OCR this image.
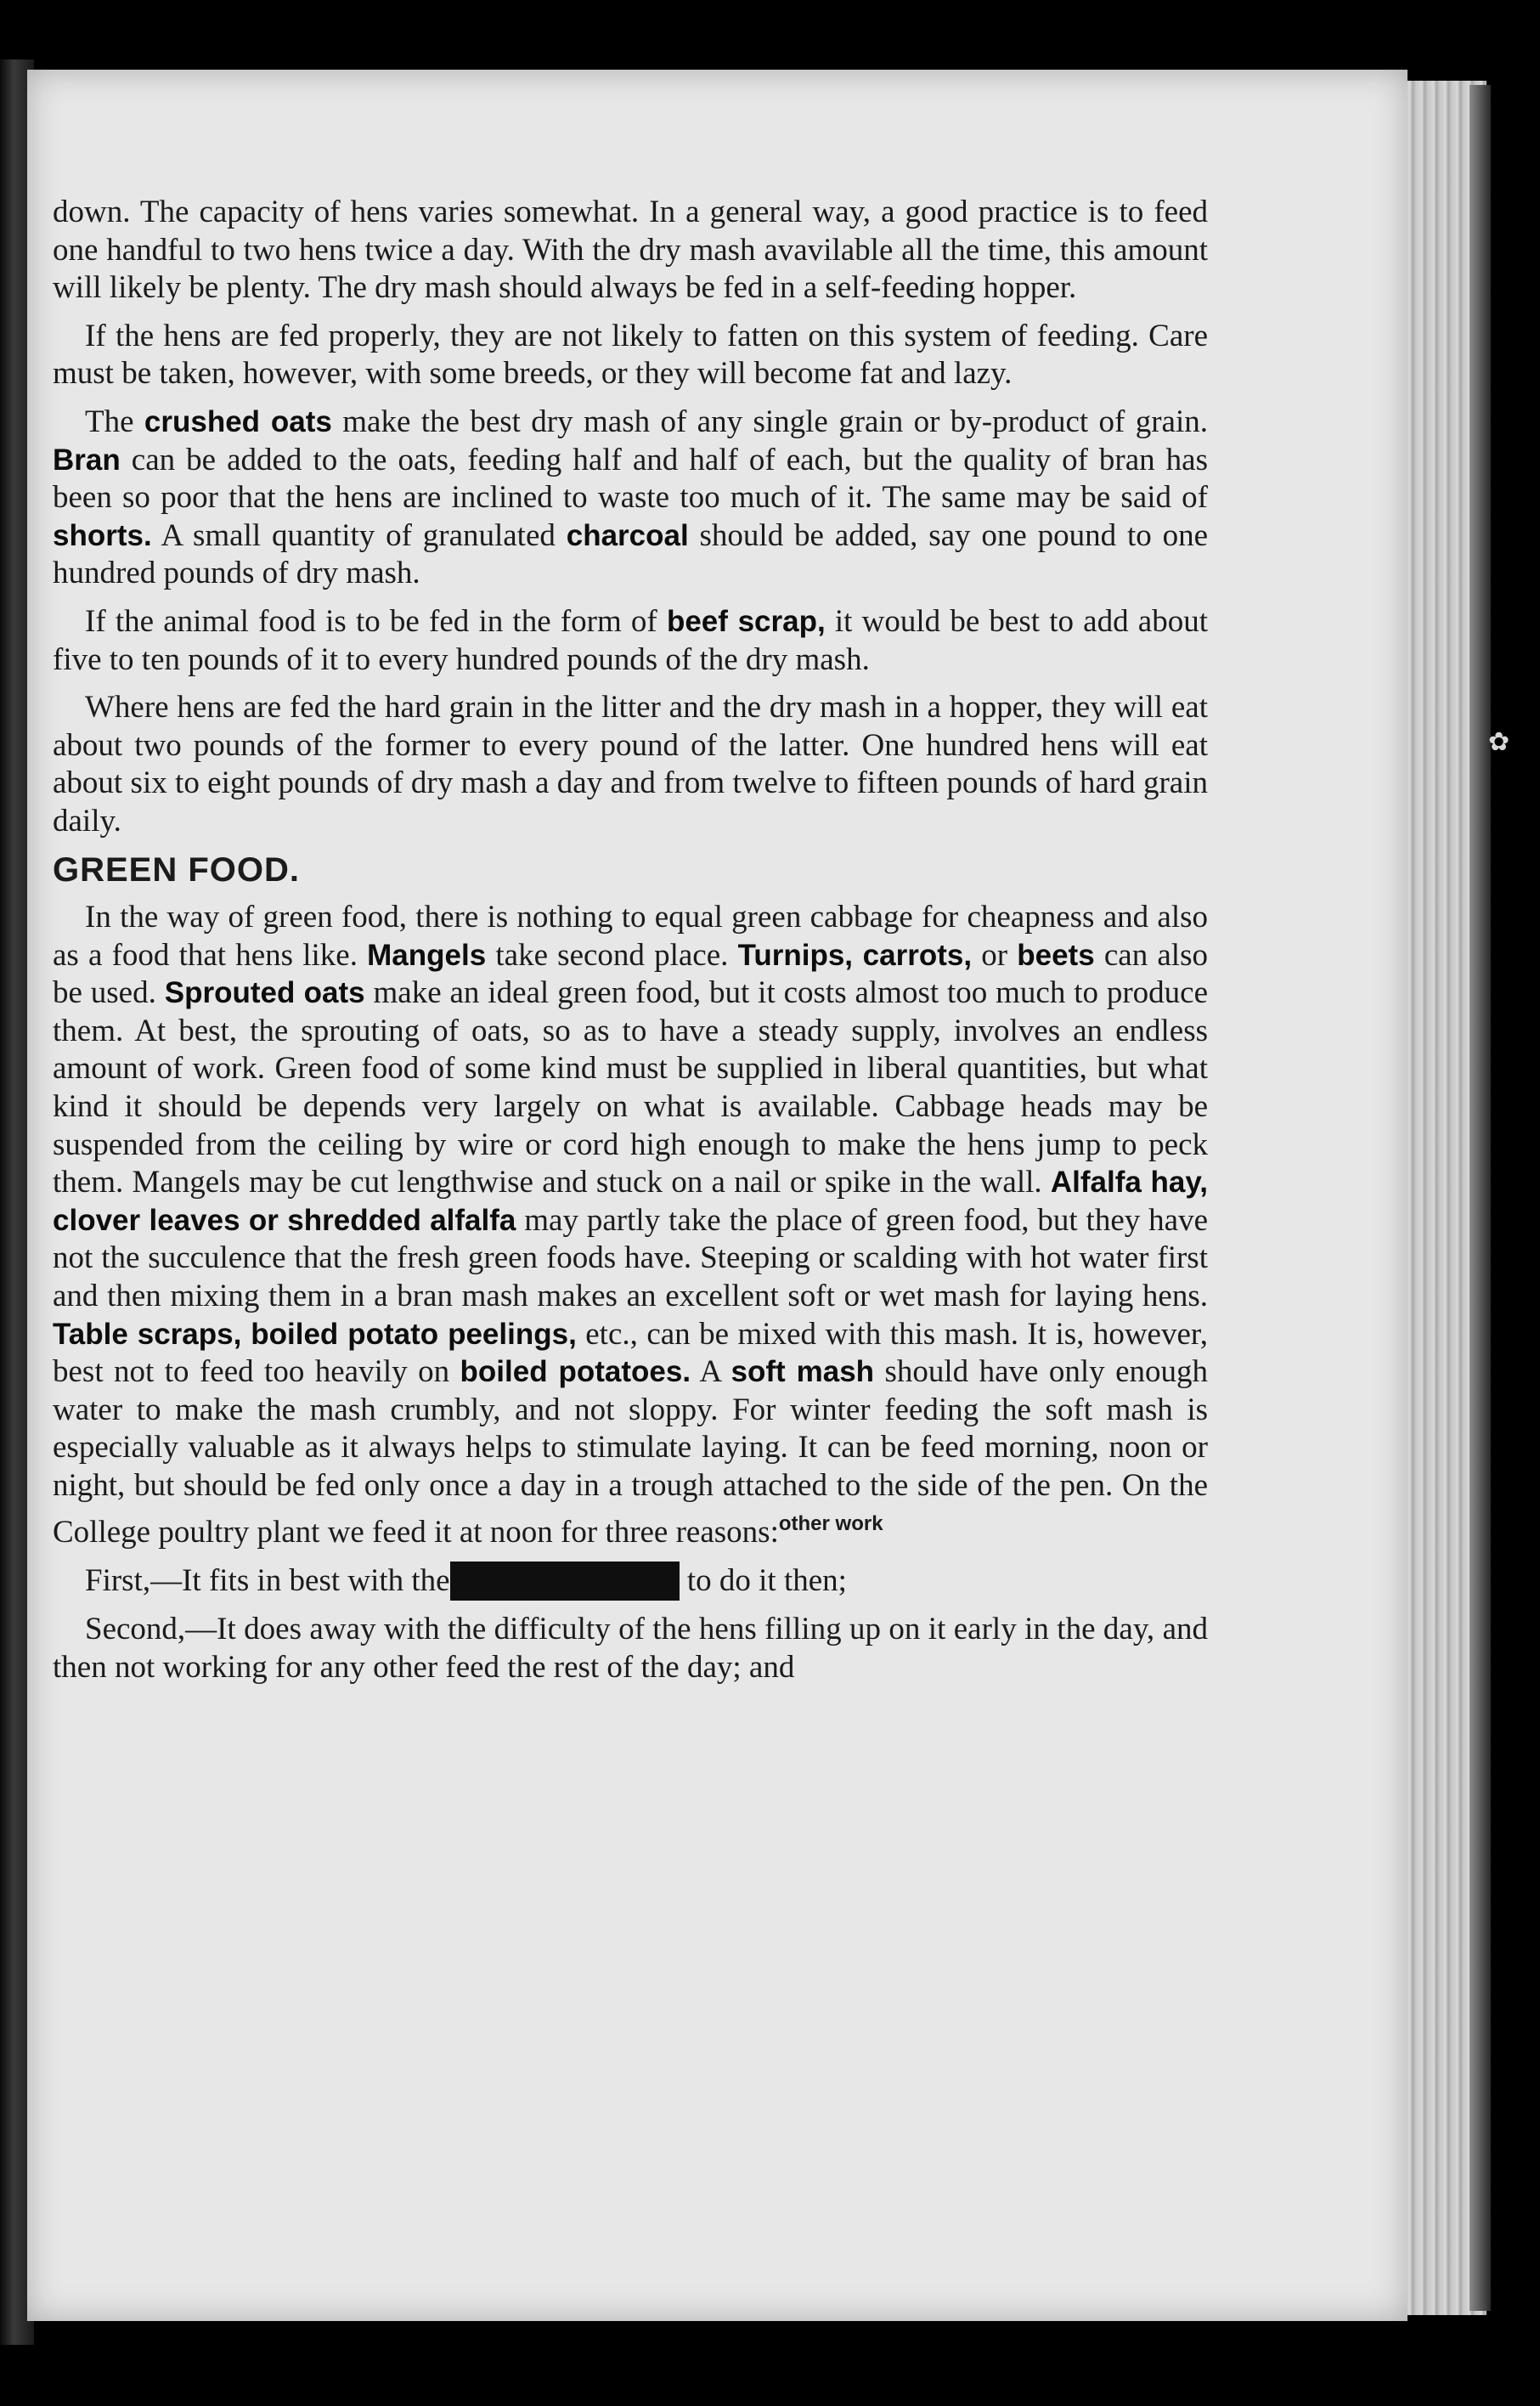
✿

down. The capacity of hens varies somewhat. In a general way, a good practice is to feed one handful to two hens twice a day. With the dry mash avavilable all the time, this amount will likely be plenty. The dry mash should always be fed in a self-feeding hopper.

If the hens are fed properly, they are not likely to fatten on this system of feeding. Care must be taken, however, with some breeds, or they will become fat and lazy.

The crushed oats make the best dry mash of any single grain or by-product of grain. Bran can be added to the oats, feeding half and half of each, but the quality of bran has been so poor that the hens are inclined to waste too much of it. The same may be said of shorts. A small quantity of granulated charcoal should be added, say one pound to one hundred pounds of dry mash.

If the animal food is to be fed in the form of beef scrap, it would be best to add about five to ten pounds of it to every hundred pounds of the dry mash.

Where hens are fed the hard grain in the litter and the dry mash in a hopper, they will eat about two pounds of the former to every pound of the latter. One hundred hens will eat about six to eight pounds of dry mash a day and from twelve to fifteen pounds of hard grain daily.

GREEN FOOD.

In the way of green food, there is nothing to equal green cabbage for cheapness and also as a food that hens like. Mangels take second place. Turnips, carrots, or beets can also be used. Sprouted oats make an ideal green food, but it costs almost too much to produce them. At best, the sprouting of oats, so as to have a steady supply, involves an endless amount of work. Green food of some kind must be supplied in liberal quantities, but what kind it should be depends very largely on what is available. Cabbage heads may be suspended from the ceiling by wire or cord high enough to make the hens jump to peck them. Mangels may be cut lengthwise and stuck on a nail or spike in the wall. Alfalfa hay, clover leaves or shredded alfalfa may partly take the place of green food, but they have not the succulence that the fresh green foods have. Steeping or scalding with hot water first and then mixing them in a bran mash makes an excellent soft or wet mash for laying hens. Table scraps, boiled potato peelings, etc., can be mixed with this mash. It is, however, best not to feed too heavily on boiled potatoes. A soft mash should have only enough water to make the mash crumbly, and not sloppy. For winter feeding the soft mash is especially valuable as it always helps to stimulate laying. It can be feed morning, noon or night, but should be fed only once a day in a trough attached to the side of the pen. On the College poultry plant we feed it at noon for three reasons:$^{other work}$

First,—It fits in best with the	to do it then;

Second,—It does away with the difficulty of the hens filling up on it early in the day, and then not working for any other feed the rest of the day; and
